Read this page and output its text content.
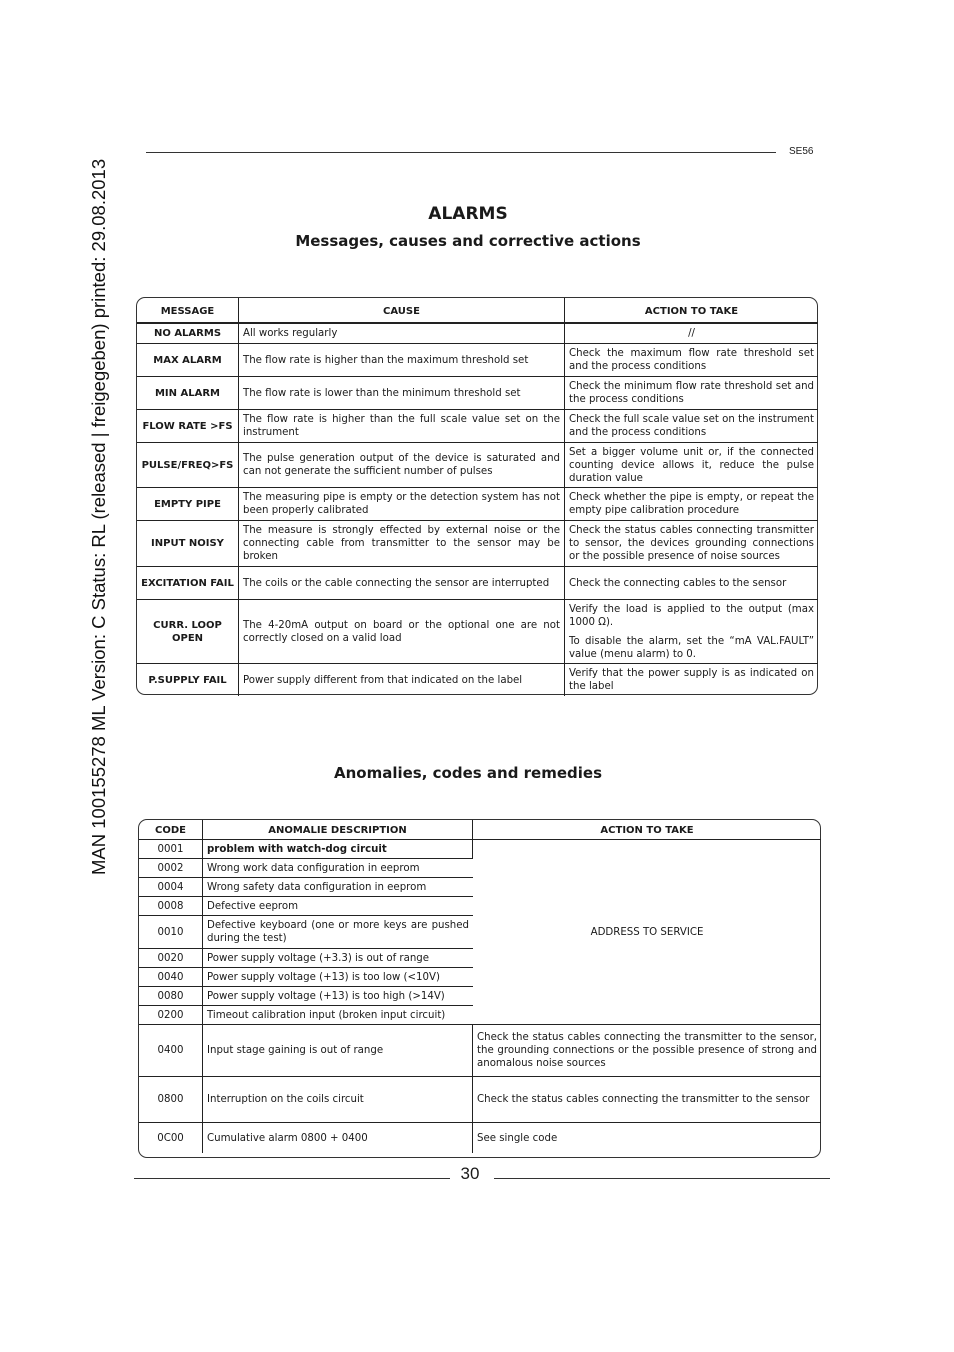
MAN 100155278 ML Version: C Status: RL (released | freigegeben) printed: 29.08.2013
SE56
ALARMS
Messages, causes and corrective actions
MESSAGE	CAUSE	ACTION TO TAKE
NO ALARMS	All works regularly	//
MAX ALARM	The flow rate is higher than the maximum threshold set	Check the maximum flow rate threshold set and the process conditions
MIN ALARM	The flow rate is lower than the minimum threshold set	Check the minimum flow rate threshold set and the process conditions
FLOW RATE >FS	The flow rate is higher than the full scale value set on the instrument	Check the full scale value set on the instrument and the process conditions
PULSE/FREQ>FS	The pulse generation output of the device is saturated and can not generate the sufficient number of pulses	Set a bigger volume unit or, if the connected counting device allows it, reduce the pulse duration value
EMPTY PIPE	The measuring pipe is empty or the detection system has not been properly calibrated	Check whether the pipe is empty, or repeat the empty pipe calibration procedure
INPUT NOISY	The measure is strongly effected by external noise or the connecting cable from transmitter to the sensor may be broken	Check the status cables connecting transmitter to sensor, the devices grounding connections or the possible presence of noise sources
EXCITATION FAIL	The coils or the cable connecting the sensor are interrupted	Check the connecting cables to the sensor
CURR. LOOP OPEN	The 4-20mA output on board or the optional one are not correctly closed on a valid load	Verify the load is applied to the output (max 1000 Ω).
To disable the alarm, set the “mA VAL.FAULT” value (menu alarm) to 0.

P.SUPPLY FAIL	Power supply different from that indicated on the label	Verify that the power supply is as indicated on the label
Anomalies, codes and remedies
CODE	ANOMALIE DESCRIPTION	ACTION TO TAKE
0001	problem with watch-dog circuit	ADDRESS TO SERVICE
0002	Wrong work data configuration in eeprom	
0004	Wrong safety data configuration in eeprom	
0008	Defective eeprom	
0010	Defective keyboard (one or more keys are pushed during the test)	
0020	Power supply voltage (+3.3) is out of range	
0040	Power supply voltage (+13) is too low (<10V)	
0080	Power supply voltage (+13) is too high (>14V)	
0200	Timeout calibration input (broken input circuit)	
0400	Input stage gaining is out of range	Check the status cables connecting the transmitter to the sensor, the grounding connections or the possible presence of strong and anomalous noise sources
0800	Interruption on the coils circuit	Check the status cables connecting the transmitter to the sensor
0C00	Cumulative alarm 0800 + 0400	See single code
30
